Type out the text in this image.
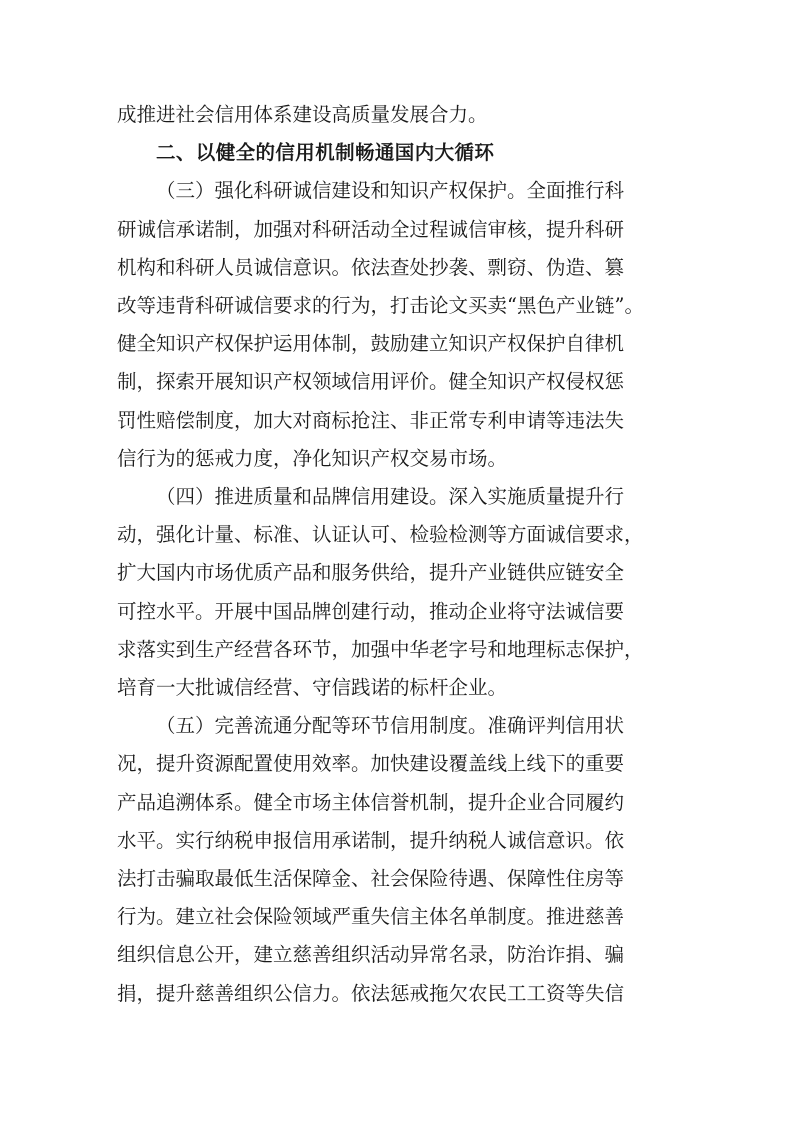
成推进社会信用体系建设高质量发展合力。

二、以健全的信用机制畅通国内大循环

（三）强化科研诚信建设和知识产权保护。全面推行科
研诚信承诺制，加强对科研活动全过程诚信审核，提升科研
机构和科研人员诚信意识。依法查处抄袭、剽窃、伪造、篡
改等违背科研诚信要求的行为，打击论文买卖“黑色产业链”。
健全知识产权保护运用体制，鼓励建立知识产权保护自律机
制，探索开展知识产权领域信用评价。健全知识产权侵权惩
罚性赔偿制度，加大对商标抢注、非正常专利申请等违法失
信行为的惩戒力度，净化知识产权交易市场。

（四）推进质量和品牌信用建设。深入实施质量提升行
动，强化计量、标准、认证认可、检验检测等方面诚信要求，
扩大国内市场优质产品和服务供给，提升产业链供应链安全
可控水平。开展中国品牌创建行动，推动企业将守法诚信要
求落实到生产经营各环节，加强中华老字号和地理标志保护，
培育一大批诚信经营、守信践诺的标杆企业。

（五）完善流通分配等环节信用制度。准确评判信用状
况，提升资源配置使用效率。加快建设覆盖线上线下的重要
产品追溯体系。健全市场主体信誉机制，提升企业合同履约
水平。实行纳税申报信用承诺制，提升纳税人诚信意识。依
法打击骗取最低生活保障金、社会保险待遇、保障性住房等
行为。建立社会保险领域严重失信主体名单制度。推进慈善
组织信息公开，建立慈善组织活动异常名录，防治诈捐、骗
捐，提升慈善组织公信力。依法惩戒拖欠农民工工资等失信
